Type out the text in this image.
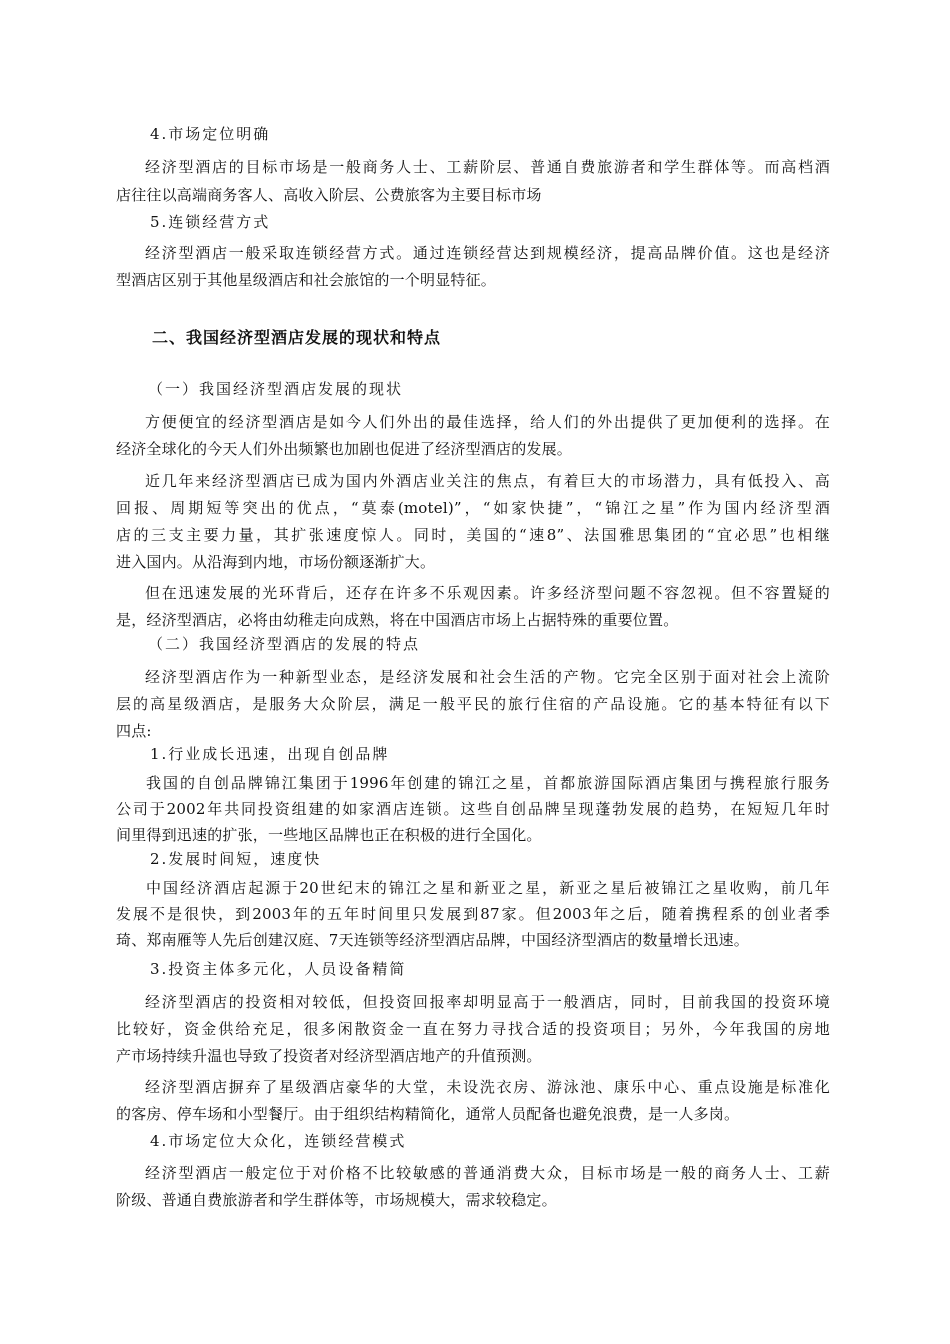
4.市场定位明确
经济型酒店的目标市场是一般商务人士、工薪阶层、普通自费旅游者和学生群体等。而高档酒
店往往以高端商务客人、高收入阶层、公费旅客为主要目标市场
5.连锁经营方式
经济型酒店一般采取连锁经营方式。通过连锁经营达到规模经济，提高品牌价值。这也是经济
型酒店区别于其他星级酒店和社会旅馆的一个明显特征。
二、我国经济型酒店发展的现状和特点
（一）我国经济型酒店发展的现状
方便便宜的经济型酒店是如今人们外出的最佳选择，给人们的外出提供了更加便利的选择。在
经济全球化的今天人们外出频繁也加剧也促进了经济型酒店的发展。
近几年来经济型酒店已成为国内外酒店业关注的焦点，有着巨大的市场潜力，具有低投入、高
回报、周期短等突出的优点，“莫泰(motel)”，“如家快捷”，“锦江之星”作为国内经济型酒
店的三支主要力量，其扩张速度惊人。同时，美国的“速8”、法国雅思集团的“宜必思”也相继
进入国内。从沿海到内地，市场份额逐渐扩大。
但在迅速发展的光环背后，还存在许多不乐观因素。许多经济型问题不容忽视。但不容置疑的
是，经济型酒店，必将由幼稚走向成熟，将在中国酒店市场上占据特殊的重要位置。
（二）我国经济型酒店的发展的特点
经济型酒店作为一种新型业态，是经济发展和社会生活的产物。它完全区别于面对社会上流阶
层的高星级酒店，是服务大众阶层，满足一般平民的旅行住宿的产品设施。它的基本特征有以下
四点:
1.行业成长迅速，出现自创品牌
我国的自创品牌锦江集团于1996年创建的锦江之星，首都旅游国际酒店集团与携程旅行服务
公司于2002年共同投资组建的如家酒店连锁。这些自创品牌呈现蓬勃发展的趋势，在短短几年时
间里得到迅速的扩张，一些地区品牌也正在积极的进行全国化。
2.发展时间短，速度快
中国经济酒店起源于20世纪末的锦江之星和新亚之星，新亚之星后被锦江之星收购，前几年
发展不是很快，到2003年的五年时间里只发展到87家。但2003年之后，随着携程系的创业者季
琦、郑南雁等人先后创建汉庭、7天连锁等经济型酒店品牌，中国经济型酒店的数量增长迅速。
3.投资主体多元化，人员设备精简
经济型酒店的投资相对较低，但投资回报率却明显高于一般酒店，同时，目前我国的投资环境
比较好，资金供给充足，很多闲散资金一直在努力寻找合适的投资项目；另外，今年我国的房地
产市场持续升温也导致了投资者对经济型酒店地产的升值预测。
经济型酒店摒弃了星级酒店豪华的大堂，未设洗衣房、游泳池、康乐中心、重点设施是标准化
的客房、停车场和小型餐厅。由于组织结构精简化，通常人员配备也避免浪费，是一人多岗。
4.市场定位大众化，连锁经营模式
经济型酒店一般定位于对价格不比较敏感的普通消费大众，目标市场是一般的商务人士、工薪
阶级、普通自费旅游者和学生群体等，市场规模大，需求较稳定。
